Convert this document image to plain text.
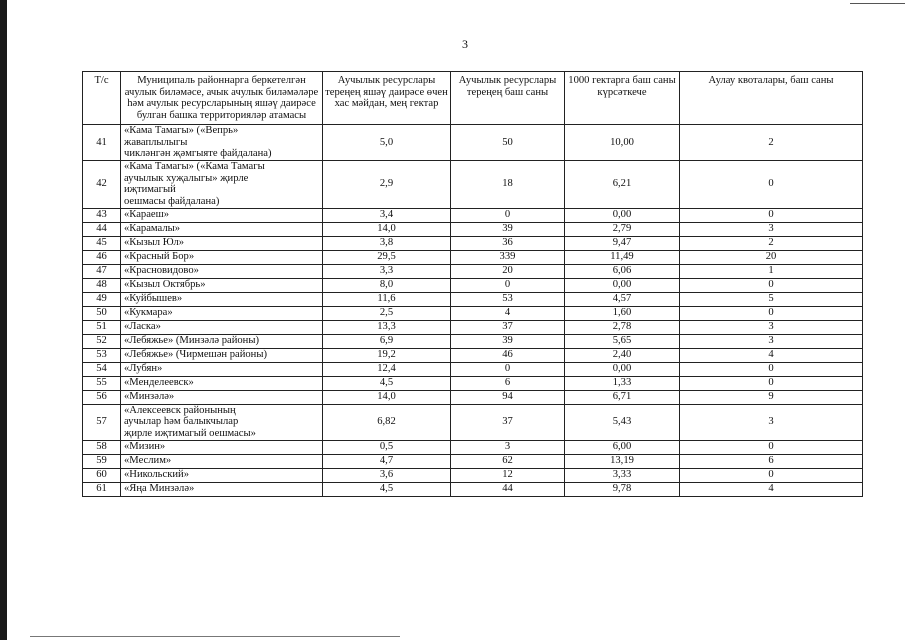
3
Т/с	Муниципаль районнарга беркетелгән ачулык биләмәсе, ачык ачулык биләмәләре һәм ачулык ресурсларының яшәү даирәсе булган башка территорияләр атамасы	Аучылык ресурслары тереңең яшәү даирәсе өчен хас мәйдан, мең гектар	Аучылык ресурслары тереңең баш саны	1000 гектарга баш саны күрсәткече	Аулау квоталары, баш саны
41	«Кама Тамагы» («Вепрь»
жаваплылыгы
чикләнгән җәмгыяте файдалана)	5,0	50	10,00	2
42	«Кама Тамагы» («Кама Тамагы
аучылык хуҗалыгы» җирле
иҗтимагый
оешмасы файдалана)	2,9	18	6,21	0
43	«Караеш»	3,4	0	0,00	0
44	«Карамалы»	14,0	39	2,79	3
45	«Кызыл Юл»	3,8	36	9,47	2
46	«Красный Бор»	29,5	339	11,49	20
47	«Красновидово»	3,3	20	6,06	1
48	«Кызыл Октябрь»	8,0	0	0,00	0
49	«Куйбышев»	11,6	53	4,57	5
50	«Кукмара»	2,5	4	1,60	0
51	«Ласка»	13,3	37	2,78	3
52	«Лебяжье» (Минзәлә районы)	6,9	39	5,65	3
53	«Лебяжье» (Чирмешән районы)	19,2	46	2,40	4
54	«Лубян»	12,4	0	0,00	0
55	«Менделеевск»	4,5	6	1,33	0
56	«Минзәлә»	14,0	94	6,71	9
57	«Алексеевск районының
аучылар һәм балыкчылар
җирле иҗтимагый оешмасы»	6,82	37	5,43	3
58	«Мизин»	0,5	3	6,00	0
59	«Меслим»	4,7	62	13,19	6
60	«Никольский»	3,6	12	3,33	0
61	«Яңа Минзәлә»	4,5	44	9,78	4
